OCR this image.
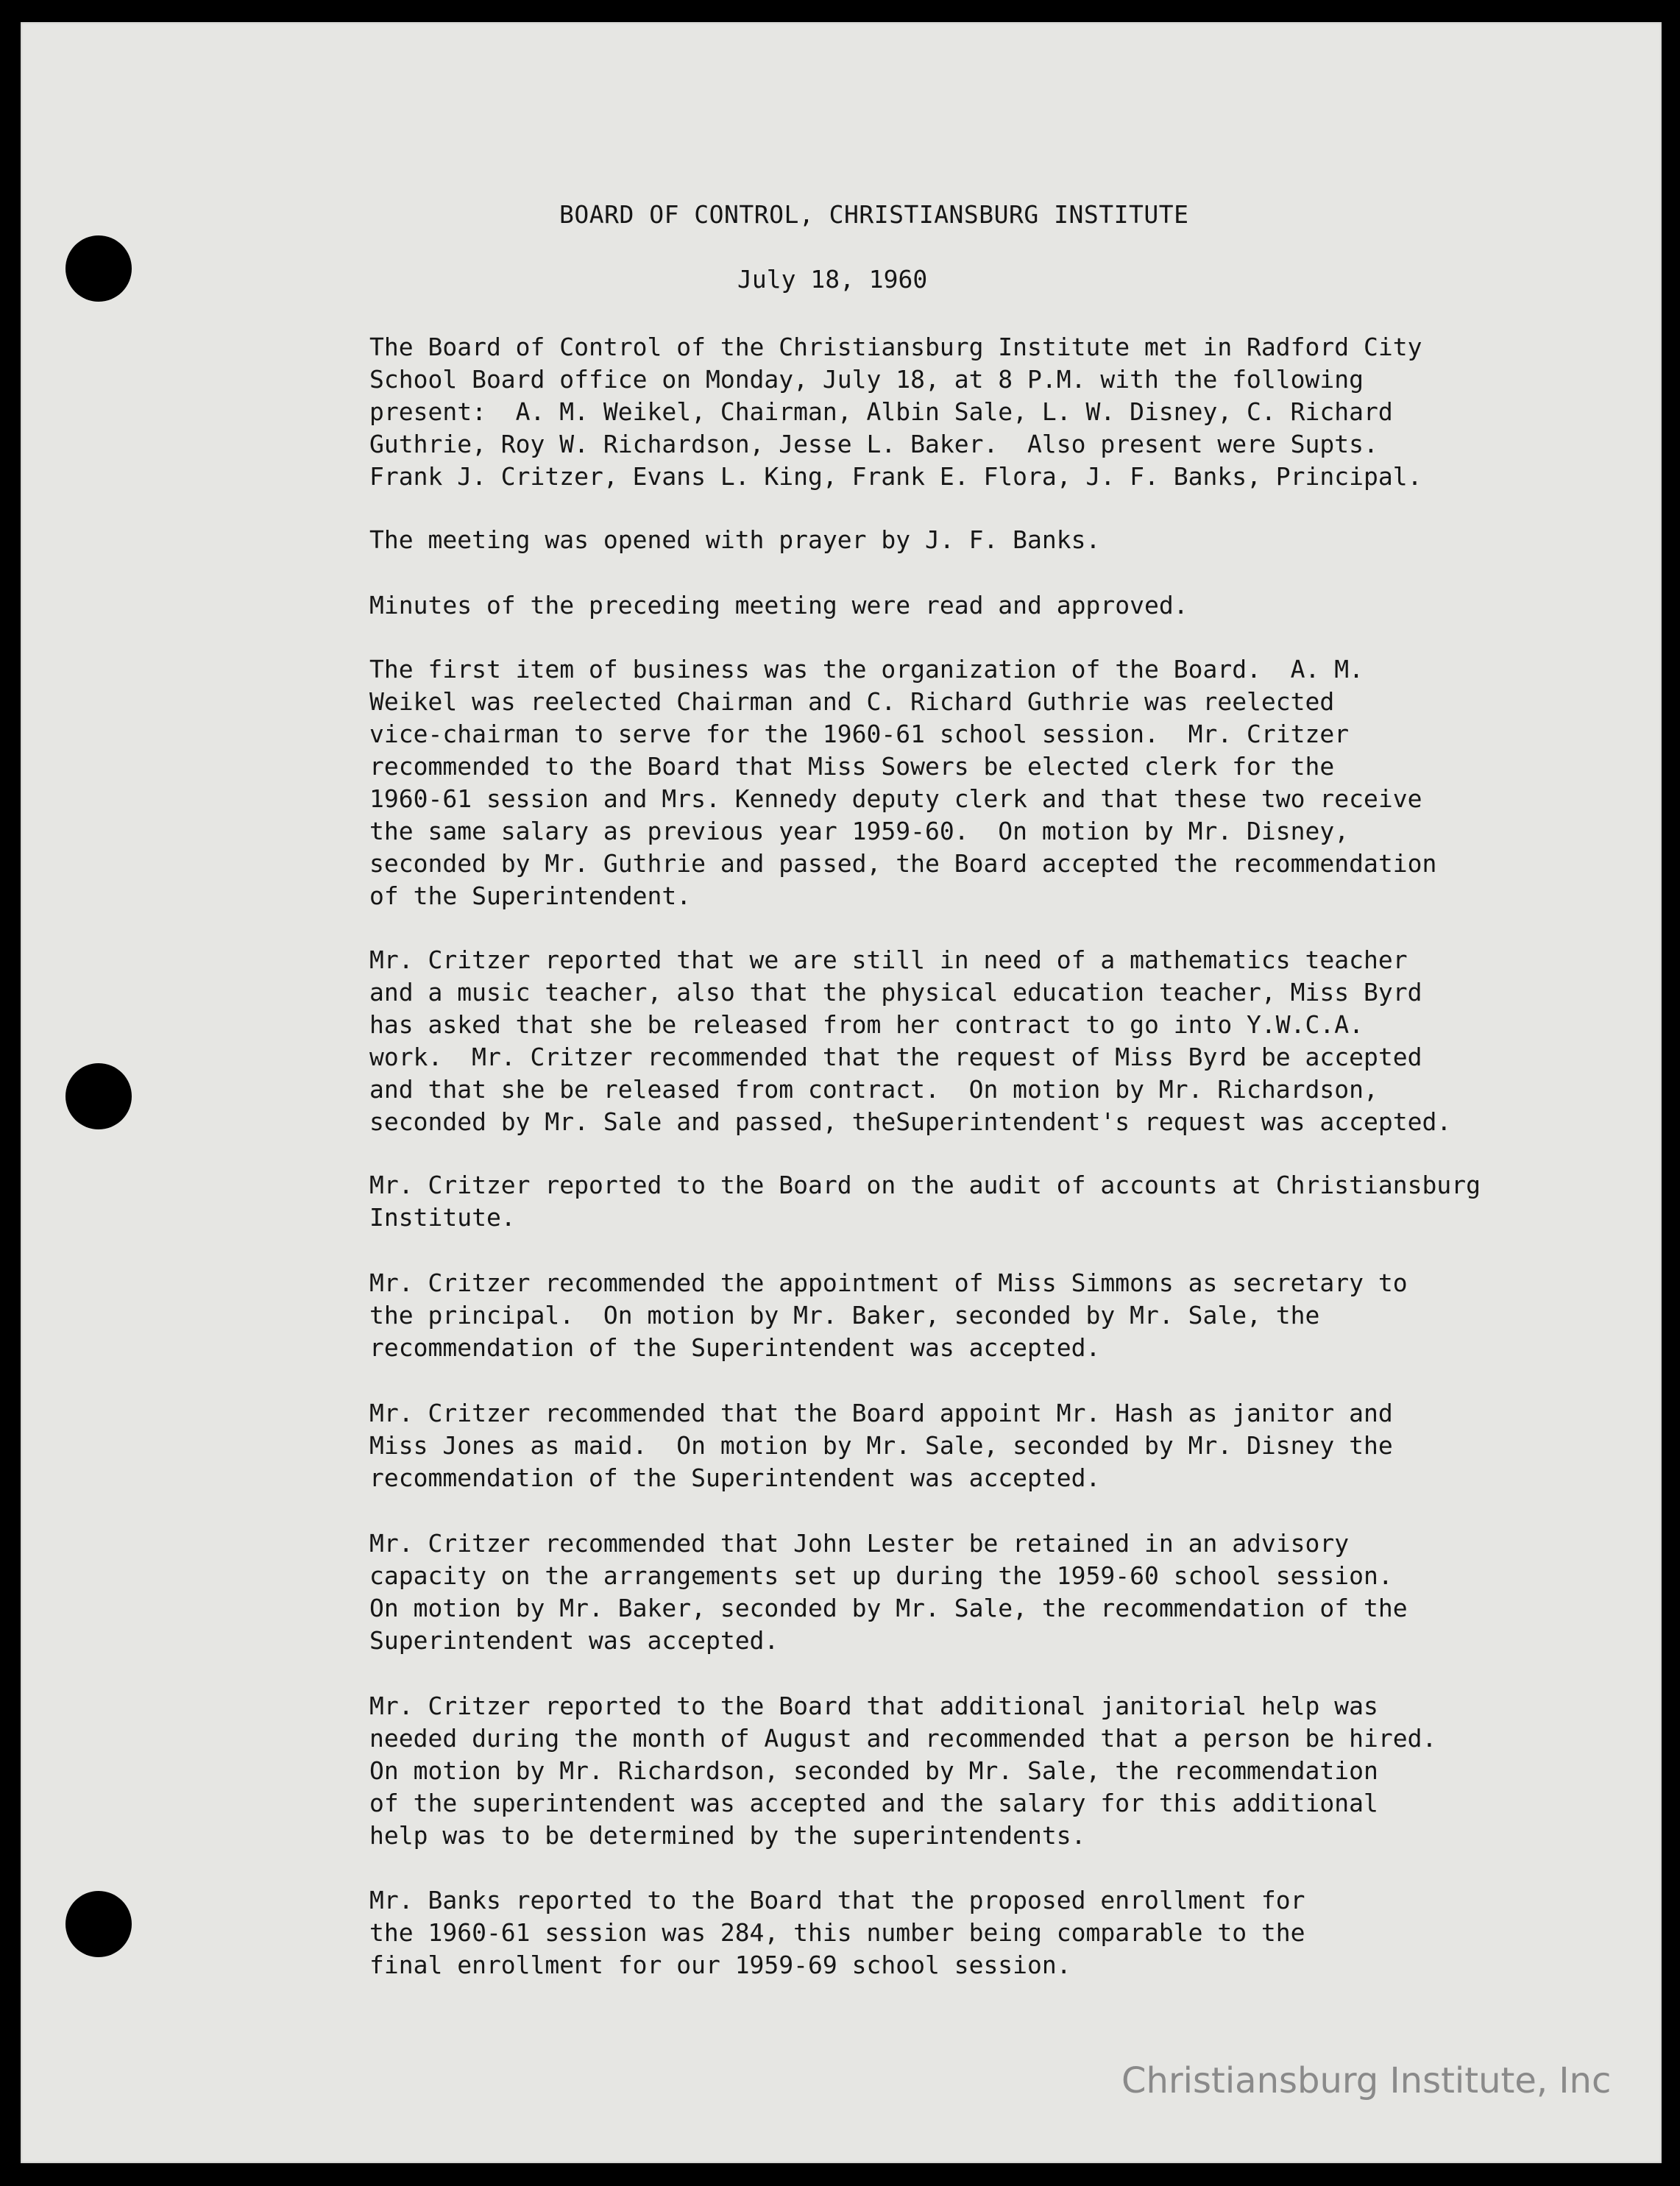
BOARD OF CONTROL, CHRISTIANSBURG INSTITUTE
July 18, 1960
The Board of Control of the Christiansburg Institute met in Radford City
School Board office on Monday, July 18, at 8 P.M. with the following
present:  A. M. Weikel, Chairman, Albin Sale, L. W. Disney, C. Richard
Guthrie, Roy W. Richardson, Jesse L. Baker.  Also present were Supts.
Frank J. Critzer, Evans L. King, Frank E. Flora, J. F. Banks, Principal.
The meeting was opened with prayer by J. F. Banks.
Minutes of the preceding meeting were read and approved.
The first item of business was the organization of the Board.  A. M.
Weikel was reelected Chairman and C. Richard Guthrie was reelected
vice-chairman to serve for the 1960-61 school session.  Mr. Critzer
recommended to the Board that Miss Sowers be elected clerk for the
1960-61 session and Mrs. Kennedy deputy clerk and that these two receive
the same salary as previous year 1959-60.  On motion by Mr. Disney,
seconded by Mr. Guthrie and passed, the Board accepted the recommendation
of the Superintendent.
Mr. Critzer reported that we are still in need of a mathematics teacher
and a music teacher, also that the physical education teacher, Miss Byrd
has asked that she be released from her contract to go into Y.W.C.A.
work.  Mr. Critzer recommended that the request of Miss Byrd be accepted
and that she be released from contract.  On motion by Mr. Richardson,
seconded by Mr. Sale and passed, theSuperintendent's request was accepted.
Mr. Critzer reported to the Board on the audit of accounts at Christiansburg
Institute.
Mr. Critzer recommended the appointment of Miss Simmons as secretary to
the principal.  On motion by Mr. Baker, seconded by Mr. Sale, the
recommendation of the Superintendent was accepted.
Mr. Critzer recommended that the Board appoint Mr. Hash as janitor and
Miss Jones as maid.  On motion by Mr. Sale, seconded by Mr. Disney the
recommendation of the Superintendent was accepted.
Mr. Critzer recommended that John Lester be retained in an advisory
capacity on the arrangements set up during the 1959-60 school session.
On motion by Mr. Baker, seconded by Mr. Sale, the recommendation of the
Superintendent was accepted.
Mr. Critzer reported to the Board that additional janitorial help was
needed during the month of August and recommended that a person be hired.
On motion by Mr. Richardson, seconded by Mr. Sale, the recommendation
of the superintendent was accepted and the salary for this additional
help was to be determined by the superintendents.
Mr. Banks reported to the Board that the proposed enrollment for
the 1960-61 session was 284, this number being comparable to the
final enrollment for our 1959-69 school session.
Christiansburg Institute, Inc
